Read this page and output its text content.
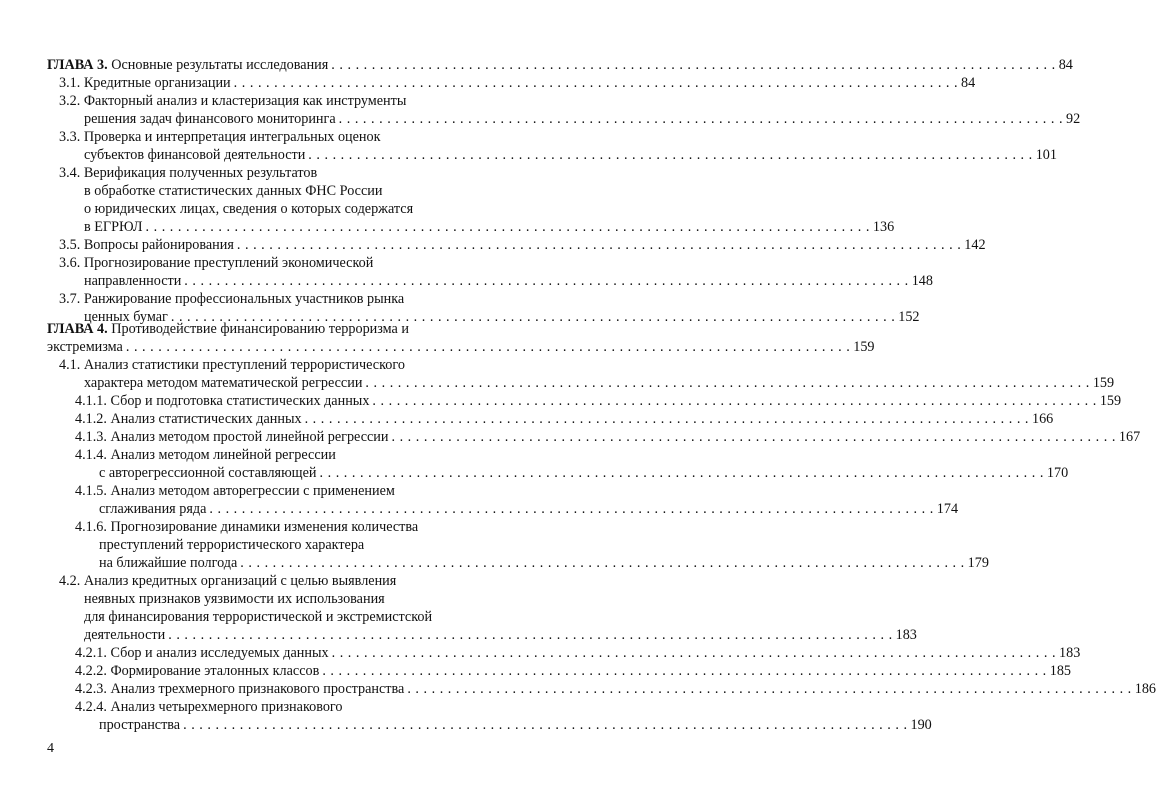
ГЛАВА 3. Основные результаты исследования . . .	84
3.1. Кредитные организации . . .	84
3.2. Факторный анализ и кластеризация как инструменты
решения задач финансового мониторинга . . .	92
3.3. Проверка и интерпретация интегральных оценок
субъектов финансовой деятельности . . .	101
3.4. Верификация полученных результатов
в обработке статистических данных ФНС России
о юридических лицах, сведения о которых содержатся
в ЕГРЮЛ . . .	136
3.5. Вопросы районирования . . .	142
3.6. Прогнозирование преступлений экономической
направленности . . .	148
3.7. Ранжирование профессиональных участников рынка
ценных бумаг . . .	152
ГЛАВА 4. Противодействие финансированию терроризма и
экстремизма . . .	159
4.1. Анализ статистики преступлений террористического
характера методом математической регрессии . . .	159
4.1.1. Сбор и подготовка статистических данных . . .	159
4.1.2. Анализ статистических данных . . .	166
4.1.3. Анализ методом простой линейной регрессии . . .	167
4.1.4. Анализ методом линейной регрессии
с авторегрессионной составляющей . . .	170
4.1.5. Анализ методом авторегрессии с применением
сглаживания ряда . . .	174
4.1.6. Прогнозирование динамики изменения количества
преступлений террористического характера
на ближайшие полгода . . .	179
4.2. Анализ кредитных организаций с целью выявления
неявных признаков уязвимости их использования
для финансирования террористической и экстремистской
деятельности . . .	183
4.2.1. Сбор и анализ исследуемых данных . . .	183
4.2.2. Формирование эталонных классов . . .	185
4.2.3. Анализ трехмерного признакового пространства . . .	186
4.2.4. Анализ четырехмерного признакового
пространства . . .	190
4
